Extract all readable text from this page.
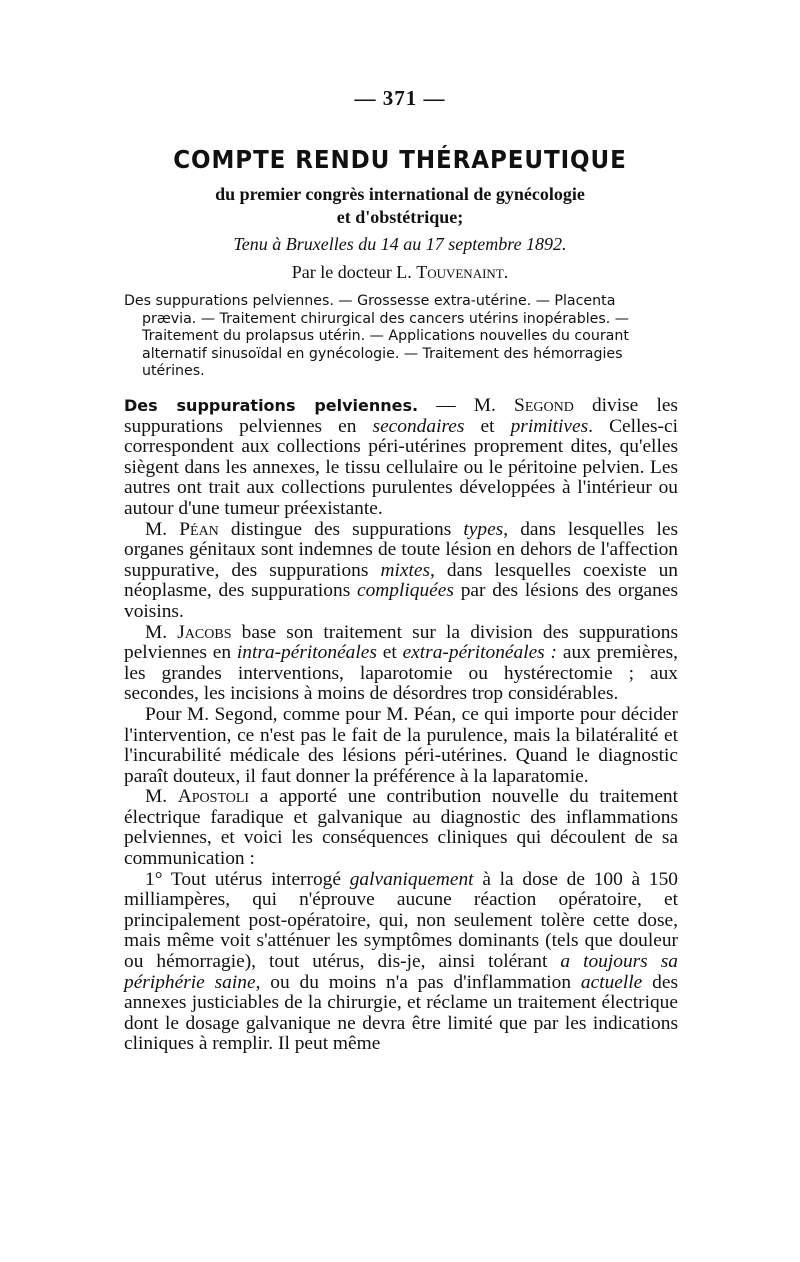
— 371 —
COMPTE RENDU THÉRAPEUTIQUE
du premier congrès international de gynécologie
et d'obstétrique;
Tenu à Bruxelles du 14 au 17 septembre 1892.
Par le docteur L. Touvenaint.
Des suppurations pelviennes. — Grossesse extra-utérine. — Placenta
prævia. — Traitement chirurgical des cancers utérins inopérables. —
Traitement du prolapsus utérin. — Applications nouvelles du courant
alternatif sinusoïdal en gynécologie. — Traitement des hémorragies
utérines.

Des suppurations pelviennes. — M. Segond divise les suppurations pelviennes en secondaires et primitives. Celles-ci correspondent aux collections péri-utérines proprement dites, qu'elles siègent dans les annexes, le tissu cellulaire ou le péritoine pelvien. Les autres ont trait aux collections purulentes développées à l'intérieur ou autour d'une tumeur préexistante.

M. Péan distingue des suppurations types, dans lesquelles les organes génitaux sont indemnes de toute lésion en dehors de l'affection suppurative, des suppurations mixtes, dans lesquelles coexiste un néoplasme, des suppurations compliquées par des lésions des organes voisins.

M. Jacobs base son traitement sur la division des suppurations pelviennes en intra-péritonéales et extra-péritonéales : aux premières, les grandes interventions, laparotomie ou hystérectomie ; aux secondes, les incisions à moins de désordres trop considérables.

Pour M. Segond, comme pour M. Péan, ce qui importe pour décider l'intervention, ce n'est pas le fait de la purulence, mais la bilatéralité et l'incurabilité médicale des lésions péri-utérines. Quand le diagnostic paraît douteux, il faut donner la préférence à la laparatomie.

M. Apostoli a apporté une contribution nouvelle du traitement électrique faradique et galvanique au diagnostic des inflammations pelviennes, et voici les conséquences cliniques qui découlent de sa communication :

1° Tout utérus interrogé galvaniquement à la dose de 100 à 150 milliampères, qui n'éprouve aucune réaction opératoire, et principalement post-opératoire, qui, non seulement tolère cette dose, mais même voit s'atténuer les symptômes dominants (tels que douleur ou hémorragie), tout utérus, dis-je, ainsi tolérant a toujours sa périphérie saine, ou du moins n'a pas d'inflammation actuelle des annexes justiciables de la chirurgie, et réclame un traitement électrique dont le dosage galvanique ne devra être limité que par les indications cliniques à remplir. Il peut même
